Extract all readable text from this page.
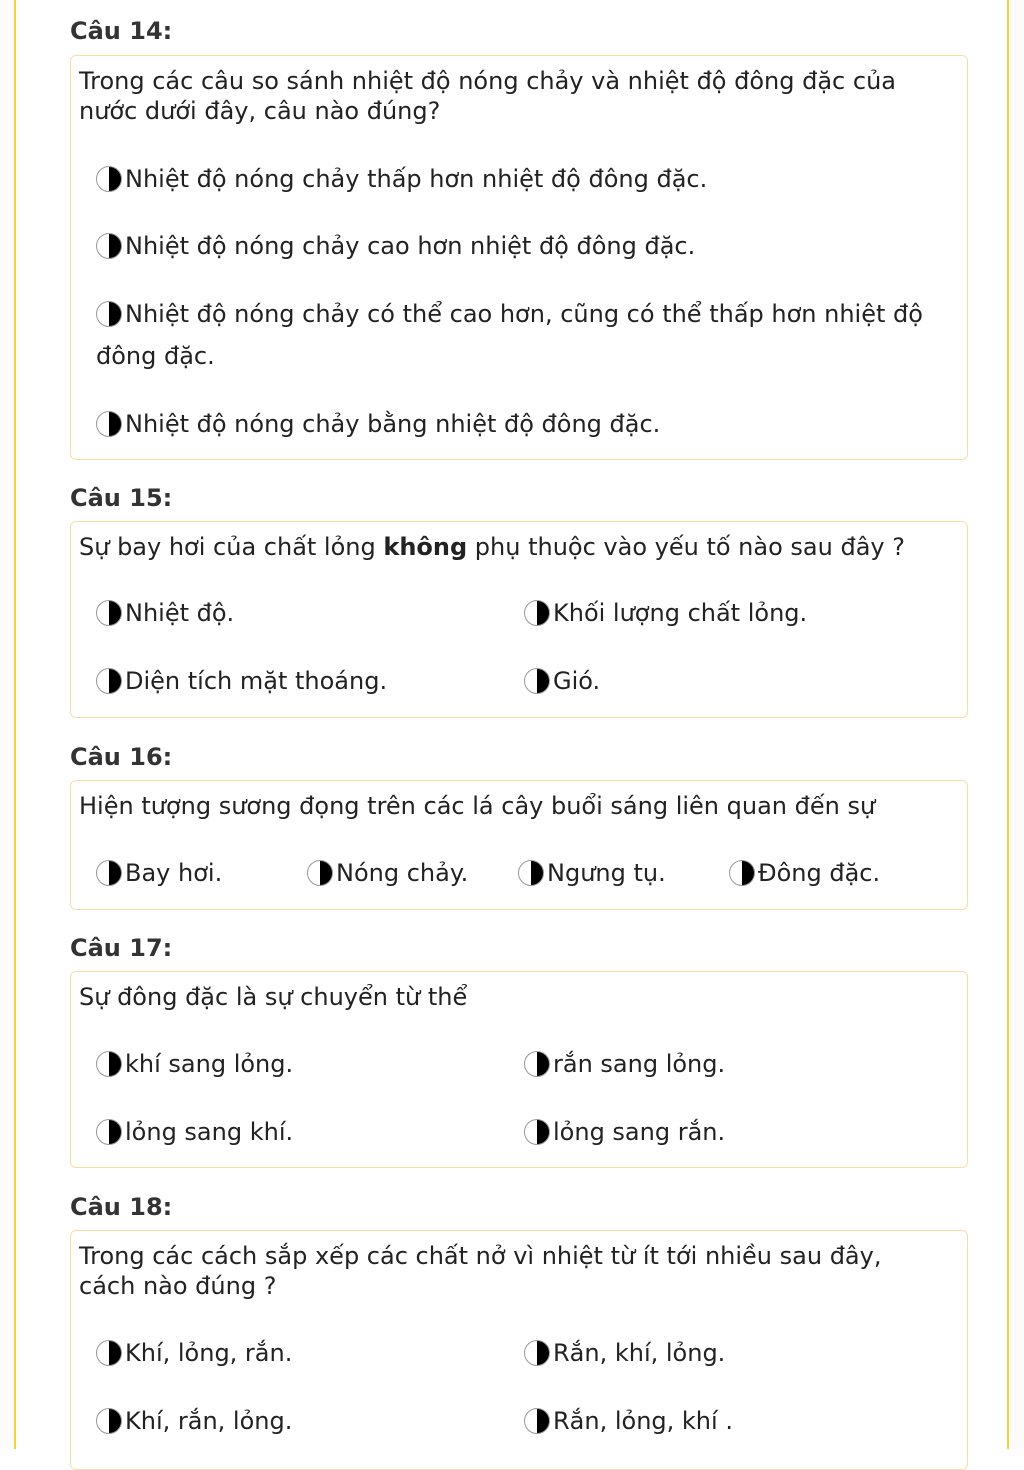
Câu 14:
Trong các câu so sánh nhiệt độ nóng chảy và nhiệt độ đông đặc của nước dưới đây, câu nào đúng?
Nhiệt độ nóng chảy thấp hơn nhiệt độ đông đặc.
Nhiệt độ nóng chảy cao hơn nhiệt độ đông đặc.
Nhiệt độ nóng chảy có thể cao hơn, cũng có thể thấp hơn nhiệt độ đông đặc.
Nhiệt độ nóng chảy bằng nhiệt độ đông đặc.
Câu 15:
Sự bay hơi của chất lỏng không phụ thuộc vào yếu tố nào sau đây ?
Nhiệt độ.	Khối lượng chất lỏng.
Diện tích mặt thoáng.	Gió.
Câu 16:
Hiện tượng sương đọng trên các lá cây buổi sáng liên quan đến sự
Bay hơi.	Nóng chảy.	Ngưng tụ.	Đông đặc.
Câu 17:
Sự đông đặc là sự chuyển từ thể
khí sang lỏng.	rắn sang lỏng.
lỏng sang khí.	lỏng sang rắn.
Câu 18:
Trong các cách sắp xếp các chất nở vì nhiệt từ ít tới nhiều sau đây, cách nào đúng ?
Khí, lỏng, rắn.	Rắn, khí, lỏng.
Khí, rắn, lỏng.	Rắn, lỏng, khí .
